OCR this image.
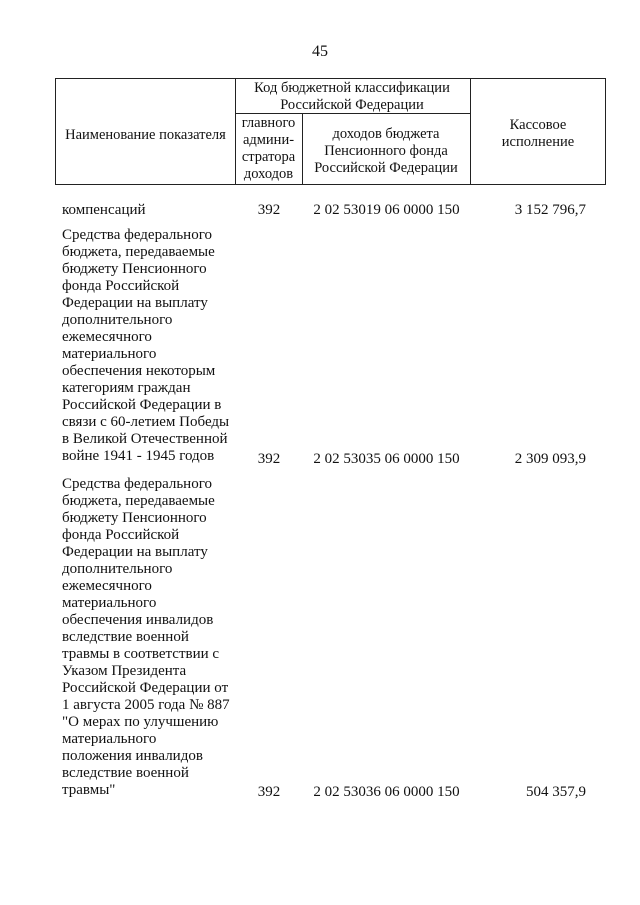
45
Наименование показателя
Код бюджетной классификации Российской Федерации
главного админи-стратора доходов
доходов бюджета Пенсионного фонда Российской Федерации
Кассовое исполнение
компенсаций	392	2 02 53019 06 0000 150	3 152 796,7
Средства федерального
бюджета, передаваемые
бюджету Пенсионного
фонда Российской
Федерации на выплату
дополнительного
ежемесячного
материального
обеспечения некоторым
категориям граждан
Российской Федерации в
связи с 60-летием Победы
в Великой Отечественной
войне 1941 - 1945 годов	392	2 02 53035 06 0000 150	2 309 093,9
Средства федерального
бюджета, передаваемые
бюджету Пенсионного
фонда Российской
Федерации на выплату
дополнительного
ежемесячного
материального
обеспечения инвалидов
вследствие военной
травмы в соответствии с
Указом Президента
Российской Федерации от
1 августа 2005 года № 887
"О мерах по улучшению
материального
положения инвалидов
вследствие военной
травмы"	392	2 02 53036 06 0000 150	504 357,9
